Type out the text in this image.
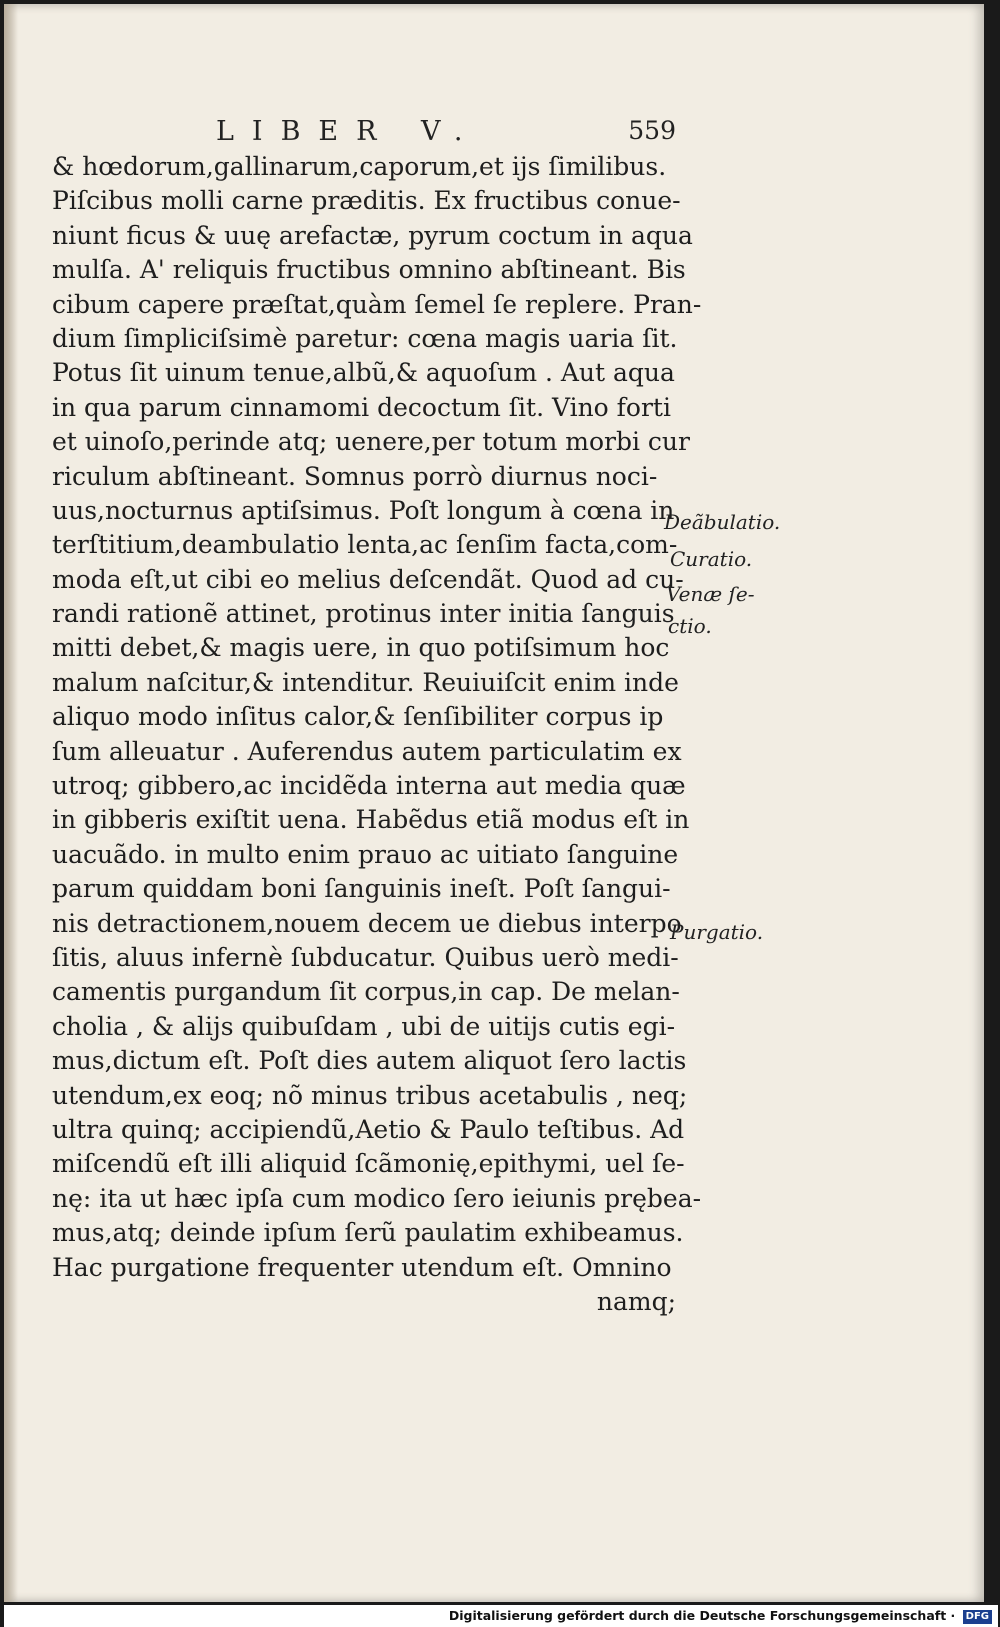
LIBER V.	559
& hœdorum,gallinarum,caporum,et ijs ſimilibus.
Piſcibus molli carne præditis. Ex fructibus conue-
niunt ficus & uuę arefactæ, pyrum coctum in aqua
mulſa. A' reliquis fructibus omnino abſtineant. Bis
cibum capere præſtat,quàm ſemel ſe replere. Pran-
dium ſimpliciſsimè paretur: cœna magis uaria ſit.
Potus ſit uinum tenue,albũ,& aquoſum . Aut aqua
in qua parum cinnamomi decoctum ſit. Vino forti
et uinoſo,perinde atq; uenere,per totum morbi cur
riculum abſtineant. Somnus porrò diurnus noci-
uus,nocturnus aptiſsimus. Poſt longum à cœna in
terſtitium,deambulatio lenta,ac ſenſim facta,com-
moda eſt,ut cibi eo melius deſcendãt. Quod ad cu-
randi rationẽ attinet, protinus inter initia ſanguis
mitti debet,& magis uere, in quo potiſsimum hoc
malum naſcitur,& intenditur. Reuiuiſcit enim inde
aliquo modo inſitus calor,& ſenſibiliter corpus ip
ſum alleuatur . Auferendus autem particulatim ex
utroq; gibbero,ac incidẽda interna aut media quæ
in gibberis exiſtit uena. Habẽdus etiã modus eſt in
uacuãdo. in multo enim prauo ac uitiato ſanguine
parum quiddam boni ſanguinis ineſt. Poſt ſangui-
nis detractionem,nouem decem ue diebus interpo
ſitis, aluus infernè ſubducatur. Quibus uerò medi-
camentis purgandum ſit corpus,in cap. De melan-
cholia , & alijs quibuſdam , ubi de uitijs cutis egi-
mus,dictum eſt. Poſt dies autem aliquot ſero lactis
utendum,ex eoq; nõ minus tribus acetabulis , neq;
ultra quinq; accipiendũ,Aetio & Paulo teſtibus. Ad
miſcendũ eſt illi aliquid ſcãmonię,epithymi, uel ſe-
nę: ita ut hæc ipſa cum modico ſero ieiunis prębea-
mus,atq; deinde ipſum ſerũ paulatim exhibeamus.
Hac purgatione frequenter utendum eſt. Omnino
namq;
Deãbulatio.
Curatio.
Venæ ſe-
ctio.
Purgatio.
Digitalisierung gefördert durch die Deutsche Forschungsgemeinschaft · DFG
